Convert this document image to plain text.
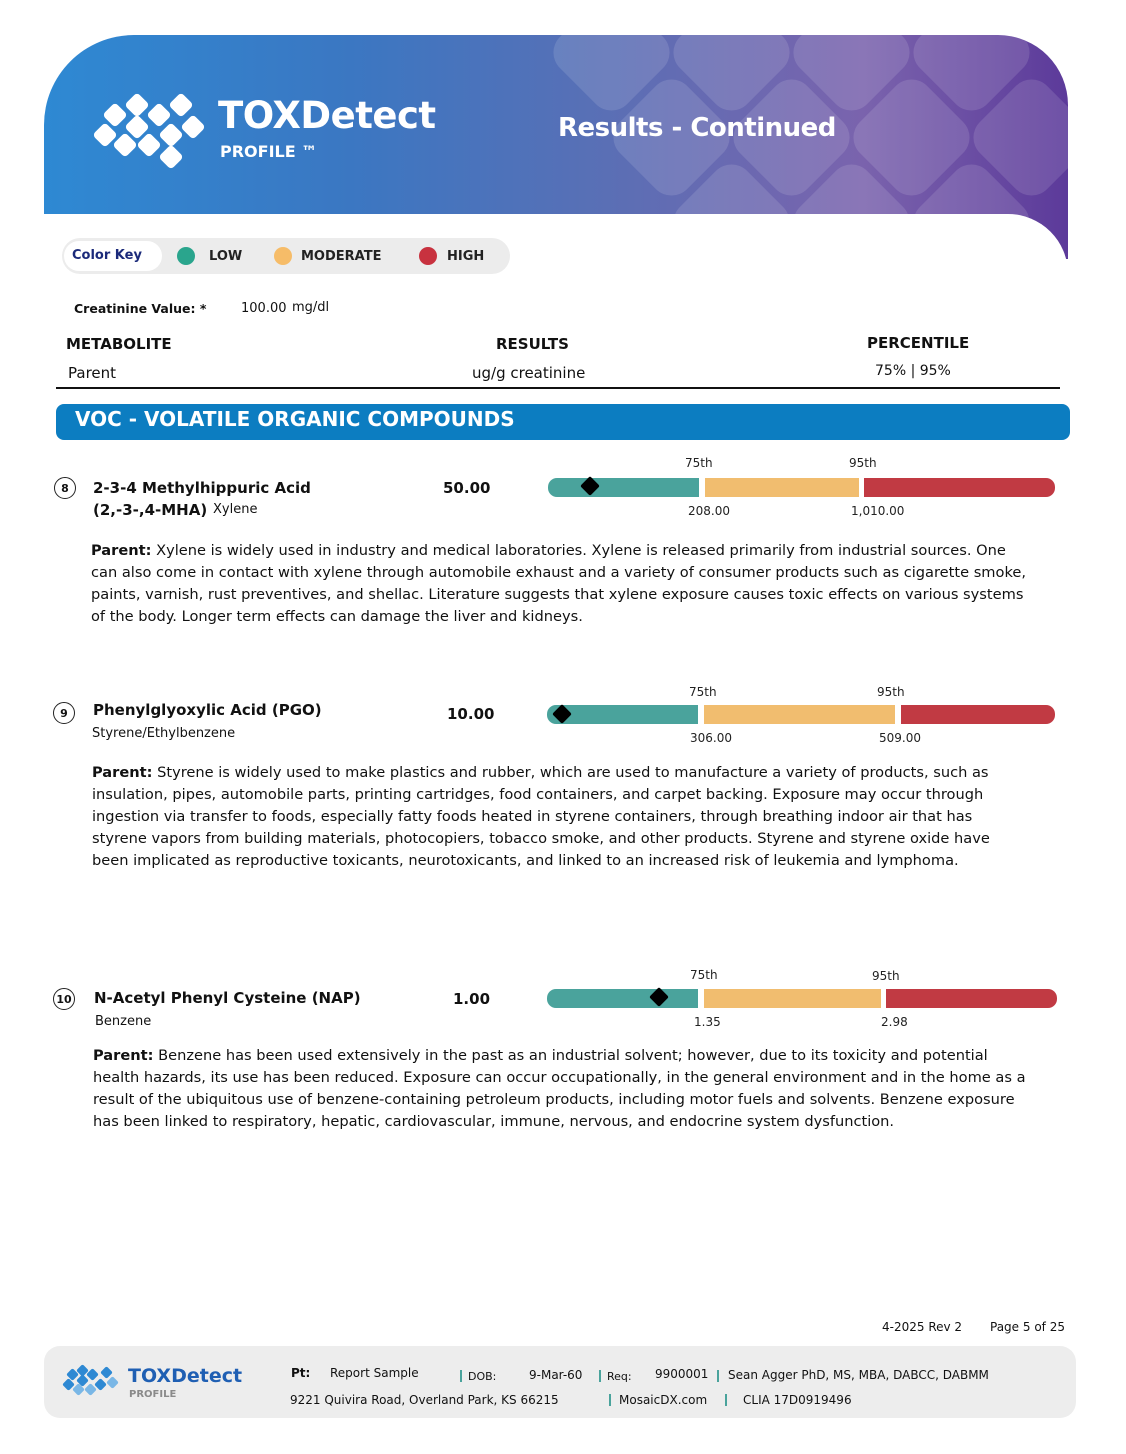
TOXDetect
PROFILE ™
Results - Continued
Color Key	LOW	MODERATE	HIGH
Creatinine Value: *	100.00 mg/dl
METABOLITE	RESULTS	PERCENTILE
Parent	ug/g creatinine	75% | 95%
VOC - VOLATILE ORGANIC COMPOUNDS
8	2-3-4 Methylhippuric Acid
(2,-3-,4-MHA) Xylene
50.00
75th	95th
208.00	1,010.00
Parent: Xylene is widely used in industry and medical laboratories. Xylene is released primarily from industrial sources. One can also come in contact with xylene through automobile exhaust and a variety of consumer products such as cigarette smoke, paints, varnish, rust preventives, and shellac. Literature suggests that xylene exposure causes toxic effects on various systems of the body. Longer term effects can damage the liver and kidneys.
9	Phenylglyoxylic Acid (PGO)
Styrene/Ethylbenzene
10.00
75th	95th
306.00	509.00
Parent: Styrene is widely used to make plastics and rubber, which are used to manufacture a variety of products, such as insulation, pipes, automobile parts, printing cartridges, food containers, and carpet backing. Exposure may occur through ingestion via transfer to foods, especially fatty foods heated in styrene containers, through breathing indoor air that has styrene vapors from building materials, photocopiers, tobacco smoke, and other products. Styrene and styrene oxide have been implicated as reproductive toxicants, neurotoxicants, and linked to an increased risk of leukemia and lymphoma.
10 N-Acetyl Phenyl Cysteine (NAP)
Benzene
1.00
75th	95th
1.35	2.98
Parent: Benzene has been used extensively in the past as an industrial solvent; however, due to its toxicity and potential health hazards, its use has been reduced. Exposure can occur occupationally, in the general environment and in the home as a result of the ubiquitous use of benzene-containing petroleum products, including motor fuels and solvents. Benzene exposure has been linked to respiratory, hepatic, cardiovascular, immune, nervous, and endocrine system dysfunction.
4-2025 Rev 2 Page 5 of 25
TOXDetect
PROFILE
Pt: Report Sample	DOB:	9-Mar-60 Req: 9900001 Sean Agger PhD, MS, MBA, DABCC, DABMM
9221 Quivira Road, Overland Park, KS 66215	MosaicDX.com	CLIA 17D0919496
